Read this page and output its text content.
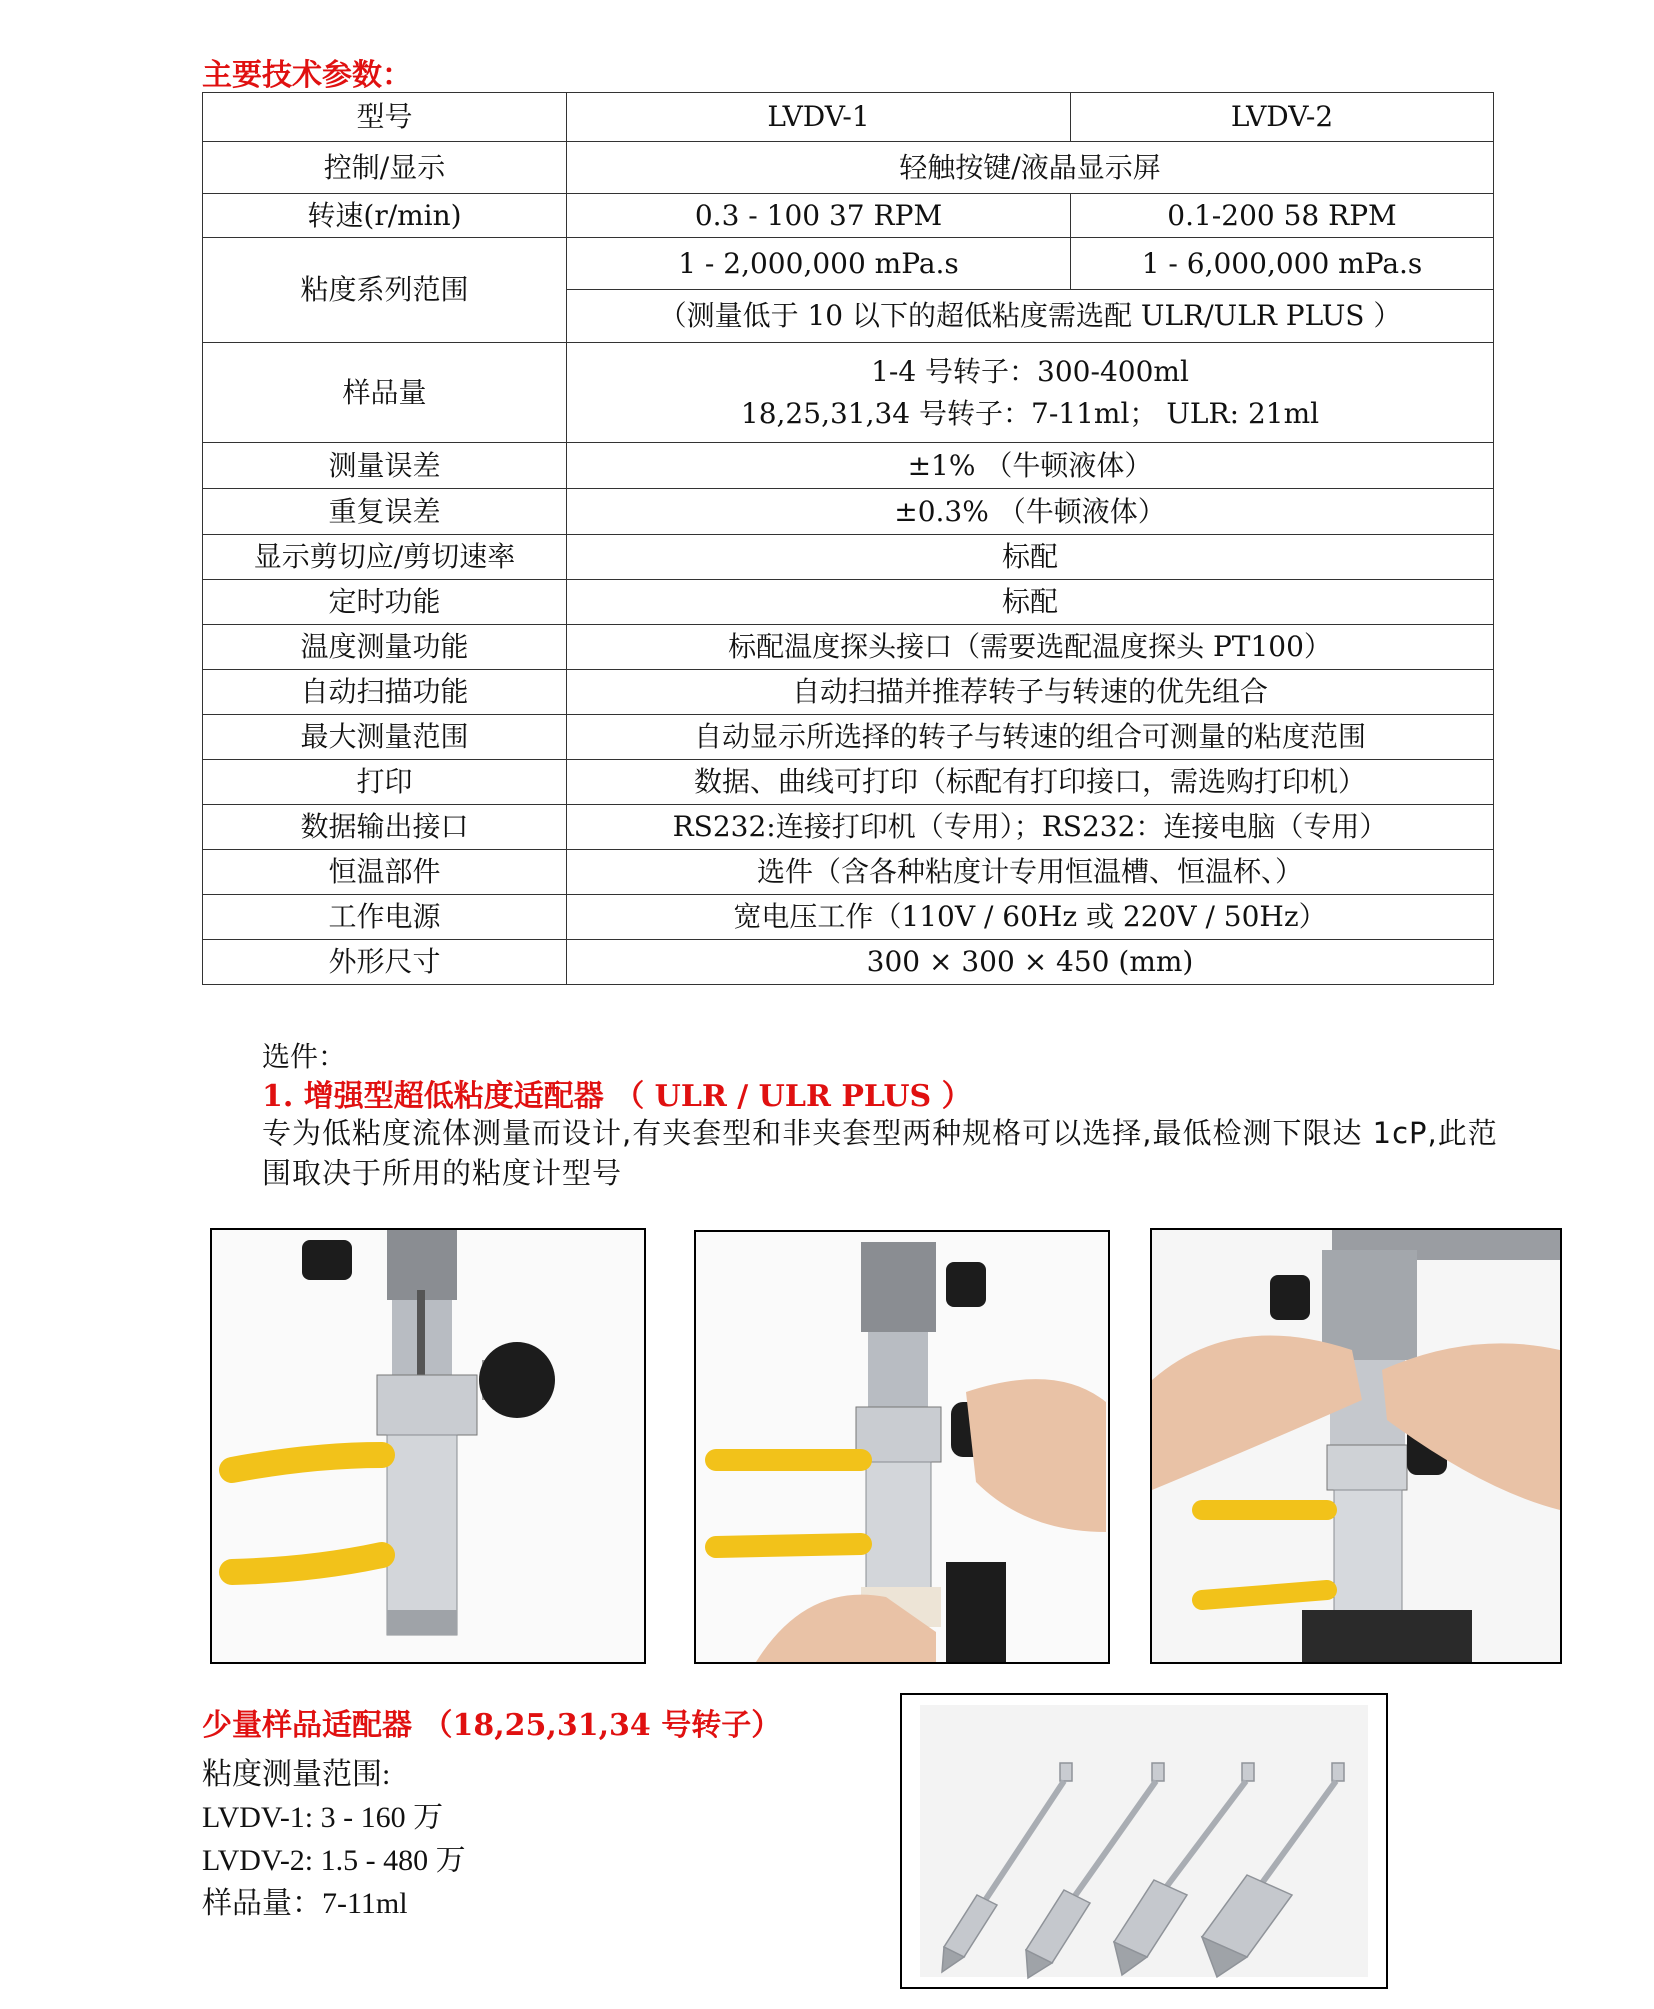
主要技术参数：
型号	LVDV-1	LVDV-2
控制/显示	轻触按键/液晶显示屏	
转速(r/min)	0.3 - 100 37 RPM	0.1-200 58 RPM
粘度系列范围	1 - 2,000,000 mPa.s	1 - 6,000,000 mPa.s
	（测量低于 10 以下的超低粘度需选配 ULR/ULR PLUS ）	
样品量	1-4 号转子：300-400ml
18,25,31,34 号转子：7-11ml； ULR: 21ml	

测量误差	±1% （牛顿液体）	
重复误差	±0.3% （牛顿液体）	
显示剪切应/剪切速率	标配	
定时功能	标配	
温度测量功能	标配温度探头接口（需要选配温度探头 PT100）	
自动扫描功能	自动扫描并推荐转子与转速的优先组合	
最大测量范围	自动显示所选择的转子与转速的组合可测量的粘度范围	
打印	数据、曲线可打印（标配有打印接口，需选购打印机）	
数据输出接口	RS232:连接打印机（专用）；RS232：连接电脑（专用）	
恒温部件	选件（含各种粘度计专用恒温槽、恒温杯、）	
工作电源	宽电压工作（110V / 60Hz 或 220V / 50Hz）	
外形尺寸	300 × 300 × 450 (mm)	
选件：
1. 增强型超低粘度适配器 （ ULR / ULR PLUS ）
专为低粘度流体测量而设计,有夹套型和非夹套型两种规格可以选择,最低检测下限达 1cP,此范围取决于所用的粘度计型号
少量样品适配器 （18,25,31,34 号转子）
粘度测量范围:
LVDV-1: 3 - 160 万
LVDV-2: 1.5 - 480 万
样品量：7-11ml
